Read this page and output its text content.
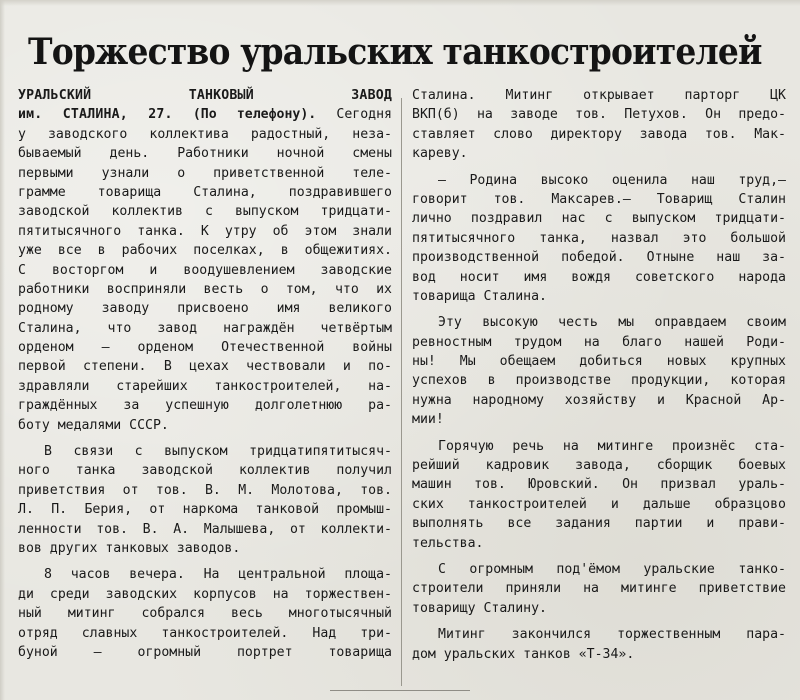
Торжество уральских танкостроителей
УРАЛЬСКИЙ ТАНКОВЫЙ ЗАВОД
им. СТАЛИНА, 27. (По телефону). Сегодня
у заводского коллектива радостный, неза-
бываемый день. Работники ночной смены
первыми узнали о приветственной теле-
грамме товарища Сталина, поздравившего
заводской коллектив с выпуском тридцати-
пятитысячного танка. К утру об этом знали
уже все в рабочих поселках, в общежитиях.
С восторгом и воодушевлением заводские
работники восприняли весть о том, что их
родному заводу присвоено имя великого
Сталина, что завод награждён четвёртым
орденом — орденом Отечественной войны
первой степени. В цехах чествовали и по-
здравляли старейших танкостроителей, на-
граждённых за успешную долголетнюю ра-
боту медалями СССР.
В связи с выпуском тридцатипятитысяч-
ного танка заводской коллектив получил
приветствия от тов. В. М. Молотова, тов.
Л. П. Берия, от наркома танковой промыш-
ленности тов. В. А. Малышева, от коллекти-
вов других танковых заводов.
8 часов вечера. На центральной площа-
ди среди заводских корпусов на торжествен-
ный митинг собрался весь многотысячный
отряд славных танкостроителей. Над три-
буной — огромный портрет товарища
Сталина. Митинг открывает парторг ЦК
ВКП(б) на заводе тов. Петухов. Он предо-
ставляет слово директору завода тов. Мак-
кареву.
— Родина высоко оценила наш труд,—
говорит тов. Максарев.— Товарищ Сталин
лично поздравил нас с выпуском тридцати-
пятитысячного танка, назвал это большой
производственной победой. Отныне наш за-
вод носит имя вождя советского народа
товарища Сталина.
Эту высокую честь мы оправдаем своим
ревностным трудом на благо нашей Роди-
ны! Мы обещаем добиться новых крупных
успехов в производстве продукции, которая
нужна народному хозяйству и Красной Ар-
мии!
Горячую речь на митинге произнёс ста-
рейший кадровик завода, сборщик боевых
машин тов. Юровский. Он призвал ураль-
ских танкостроителей и дальше образцово
выполнять все задания партии и прави-
тельства.
С огромным под'ёмом уральские танко-
строители приняли на митинге приветствие
товарищу Сталину.
Митинг закончился торжественным пара-
дом уральских танков «Т-34».
